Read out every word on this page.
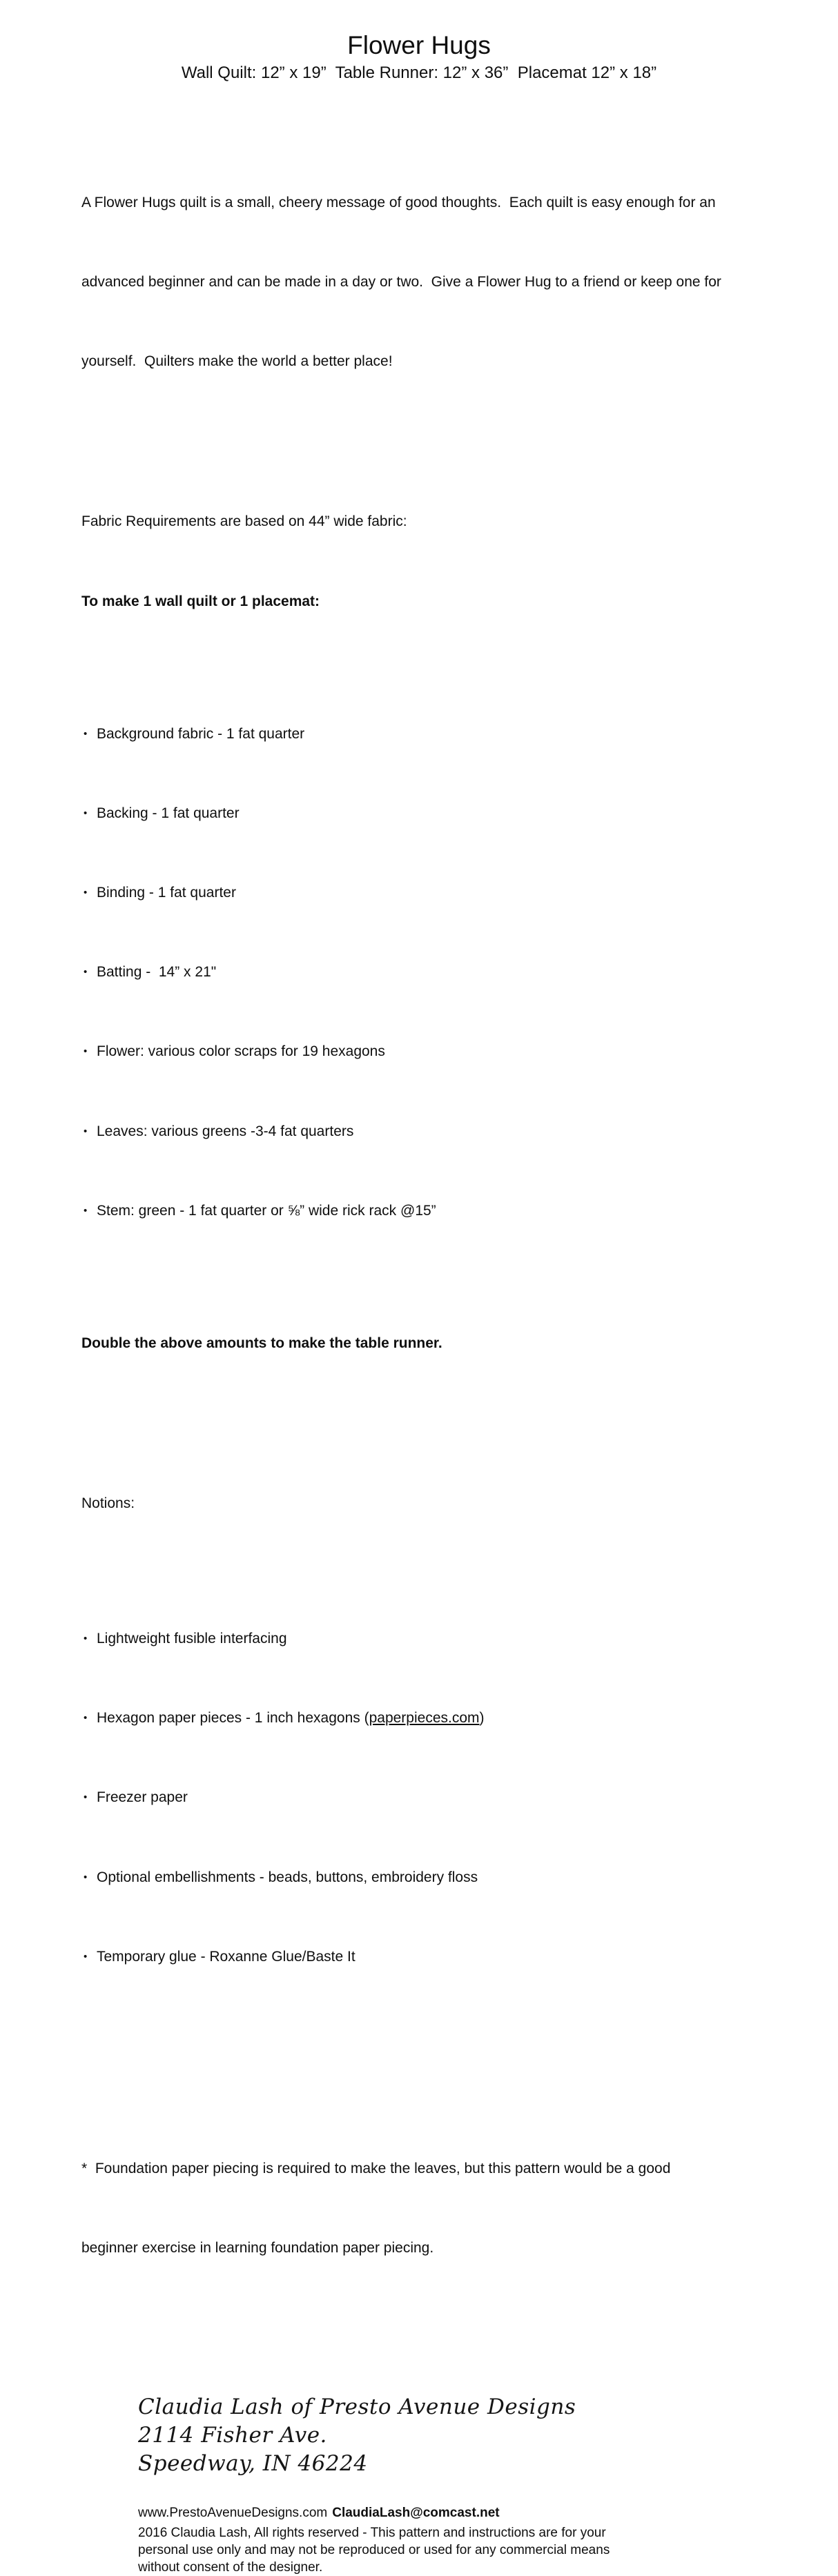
Flower Hugs
Wall Quilt: 12” x 19”  Table Runner: 12” x 36”  Placemat 12” x 18”

A Flower Hugs quilt is a small, cheery message of good thoughts.  Each quilt is easy enough for an

advanced beginner and can be made in a day or two.  Give a Flower Hug to a friend or keep one for

yourself.  Quilters make the world a better place!

Fabric Requirements are based on 44” wide fabric:

To make 1 wall quilt or 1 placemat:

• Background fabric - 1 fat quarter

• Backing - 1 fat quarter

• Binding - 1 fat quarter

• Batting -  14” x 21"

• Flower: various color scraps for 19 hexagons

• Leaves: various greens -3-4 fat quarters

• Stem: green - 1 fat quarter or ⅝” wide rick rack @15”

Double the above amounts to make the table runner.

Notions:

• Lightweight fusible interfacing

• Hexagon paper pieces - 1 inch hexagons (paperpieces.com)

• Freezer paper

• Optional embellishments - beads, buttons, embroidery floss

• Temporary glue - Roxanne Glue/Baste It

*  Foundation paper piecing is required to make the leaves, but this pattern would be a good

beginner exercise in learning foundation paper piecing.

Claudia Lash of Presto Avenue Designs
2114 Fisher Ave.
Speedway, IN 46224
www.PrestoAvenueDesigns.com ClaudiaLash@comcast.net
2016 Claudia Lash, All rights reserved - This pattern and instructions are for your
personal use only and may not be reproduced or used for any commercial means
without consent of the designer.
